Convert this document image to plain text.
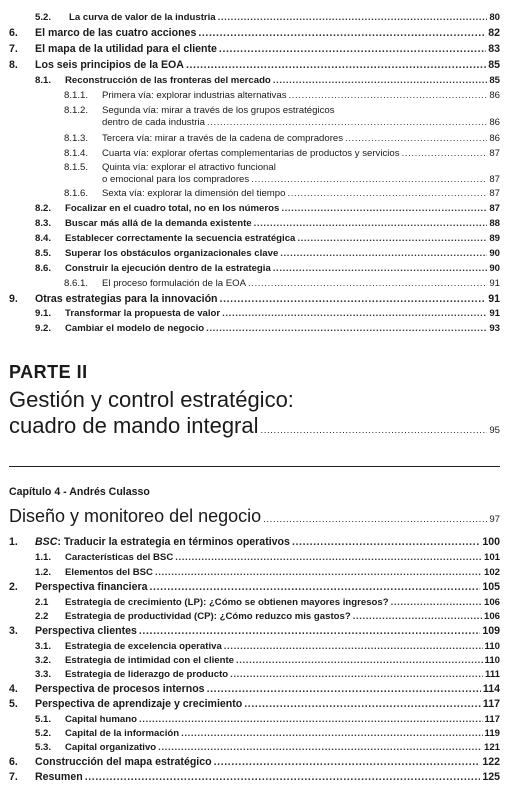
5.2.	La curva de valor de la industria .....	80
6.	El marco de las cuatro acciones .....	82
7.	El mapa de la utilidad para el cliente .....	83
8.	Los seis principios de la EOA .....	85
8.1.	Reconstrucción de las fronteras del mercado .....	85
8.1.1.	Primera vía: explorar industrias alternativas .....	86
8.1.2.	Segunda vía: mirar a través de los grupos estratégicos
dentro de cada industria .....	86
8.1.3.	Tercera vía: mirar a través de la cadena de compradores .....	86
8.1.4.	Cuarta vía: explorar ofertas complementarias de productos y servicios .....	87
8.1.5.	Quinta vía: explorar el atractivo funcional
o emocional para los compradores .....	87
8.1.6.	Sexta vía: explorar la dimensión del tiempo .....	87
8.2.	Focalizar en el cuadro total, no en los números .....	87
8.3.	Buscar más allá de la demanda existente .....	88
8.4.	Establecer correctamente la secuencia estratégica .....	89
8.5.	Superar los obstáculos organizacionales clave .....	90
8.6.	Construir la ejecución dentro de la estrategia .....	90
8.6.1.	El proceso formulación de la EOA .....	91
9.	Otras estrategias para la innovación .....	91
9.1.	Transformar la propuesta de valor .....	91
9.2.	Cambiar el modelo de negocio .....	93
PARTE II
Gestión y control estratégico:
cuadro de mando integral .....	95
Capítulo 4 - Andrés Culasso
Diseño y monitoreo del negocio .....	97
1.	BSC: Traducir la estrategia en términos operativos .....	100
1.1.	Características del BSC .....	101
1.2.	Elementos del BSC .....	102
2.	Perspectiva financiera .....	105
2.1	Estrategia de crecimiento (LP): ¿Cómo se obtienen mayores ingresos? .....	106
2.2	Estrategia de productividad (CP): ¿Cómo reduzco mis gastos? .....	106
3.	Perspectiva clientes .....	109
3.1.	Estrategia de excelencia operativa .....	110
3.2.	Estrategia de intimidad con el cliente .....	110
3.3.	Estrategia de liderazgo de producto .....	111
4.	Perspectiva de procesos internos .....	114
5.	Perspectiva de aprendizaje y crecimiento .....	117
5.1.	Capital humano .....	117
5.2.	Capital de la información .....	119
5.3.	Capital organizativo .....	121
6.	Construcción del mapa estratégico .....	122
7.	Resumen .....	125
